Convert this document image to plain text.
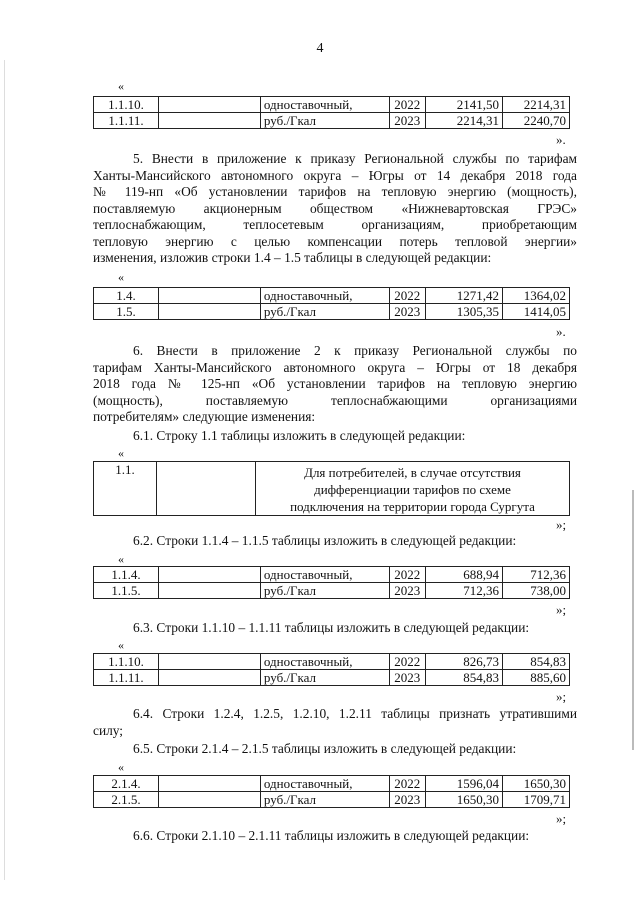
4
«
1.1.10.		одноставочный,	2022	2141,50	2214,31
1.1.11.		руб./Гкал	2023	2214,31	2240,70
».
5. Внести в приложение к приказу Региональной службы по тарифам
Ханты-Мансийского автономного округа – Югры от 14 декабря 2018 года
№ 119-нп «Об установлении тарифов на тепловую энергию (мощность),
поставляемую акционерным обществом «Нижневартовская ГРЭС»
теплоснабжающим, теплосетевым организациям, приобретающим
тепловую энергию с целью компенсации потерь тепловой энергии»
изменения, изложив строки 1.4 – 1.5 таблицы в следующей редакции:
«
1.4.		одноставочный,	2022	1271,42	1364,02
1.5.		руб./Гкал	2023	1305,35	1414,05
».
6. Внести в приложение 2 к приказу Региональной службы по
тарифам Ханты-Мансийского автономного округа – Югры от 18 декабря
2018 года № 125-нп «Об установлении тарифов на тепловую энергию
(мощность), поставляемую теплоснабжающими организациями
потребителям» следующие изменения:
6.1. Строку 1.1 таблицы изложить в следующей редакции:
«
1.1.		Для потребителей, в случае отсутствия
дифференциации тарифов по схеме
подключения на территории города Сургута
»;
6.2. Строки 1.1.4 – 1.1.5 таблицы изложить в следующей редакции:
«
1.1.4.		одноставочный,	2022	688,94	712,36
1.1.5.		руб./Гкал	2023	712,36	738,00
»;
6.3. Строки 1.1.10 – 1.1.11 таблицы изложить в следующей редакции:
«
1.1.10.		одноставочный,	2022	826,73	854,83
1.1.11.		руб./Гкал	2023	854,83	885,60
»;
6.4. Строки 1.2.4, 1.2.5, 1.2.10, 1.2.11 таблицы признать утратившими
силу;
6.5. Строки 2.1.4 – 2.1.5 таблицы изложить в следующей редакции:
«
2.1.4.		одноставочный,	2022	1596,04	1650,30
2.1.5.		руб./Гкал	2023	1650,30	1709,71
»;
6.6. Строки 2.1.10 – 2.1.11 таблицы изложить в следующей редакции:
